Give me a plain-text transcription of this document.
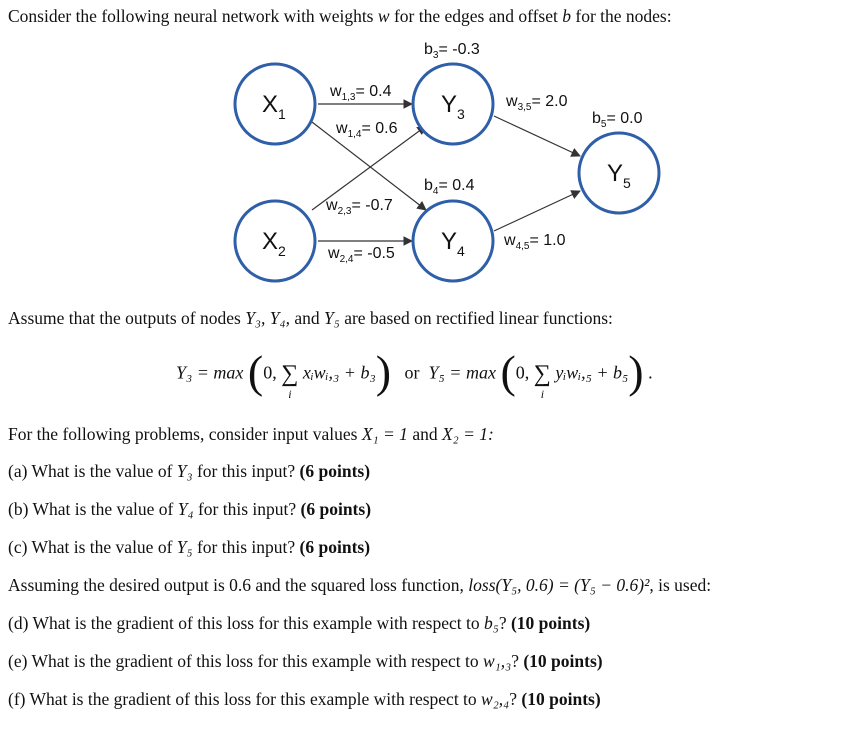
Consider the following neural network with weights w for the edges and offset b for the nodes:
$X_1$
$X_2$
$Y_3$
$Y_4$
$Y_5$
$b_3= -0.3$
$b_4= 0.4$
$b_5= 0.0$
$w_{1,3}= 0.4$
$w_{1,4}= 0.6$
$w_{2,3}= -0.7$
$w_{2,4}= -0.5$
$w_{3,5}= 2.0$
$w_{4,5}= 1.0$
Assume that the outputs of nodes Y₃, Y₄, and Y₅ are based on rectified linear functions:
Y₃ = max (0, ∑
i
xᵢwᵢ,₃ + b₃) or Y₅ = max (0, ∑
i
yᵢwᵢ,₅ + b₅) .
For the following problems, consider input values X₁ = 1 and X₂ = 1:
(a) What is the value of Y₃ for this input? (6 points)
(b) What is the value of Y₄ for this input? (6 points)
(c) What is the value of Y₅ for this input? (6 points)
Assuming the desired output is 0.6 and the squared loss function, loss(Y₅, 0.6) = (Y₅ − 0.6)², is used:
(d) What is the gradient of this loss for this example with respect to b₅? (10 points)
(e) What is the gradient of this loss for this example with respect to w₁,₃? (10 points)
(f) What is the gradient of this loss for this example with respect to w₂,₄? (10 points)
